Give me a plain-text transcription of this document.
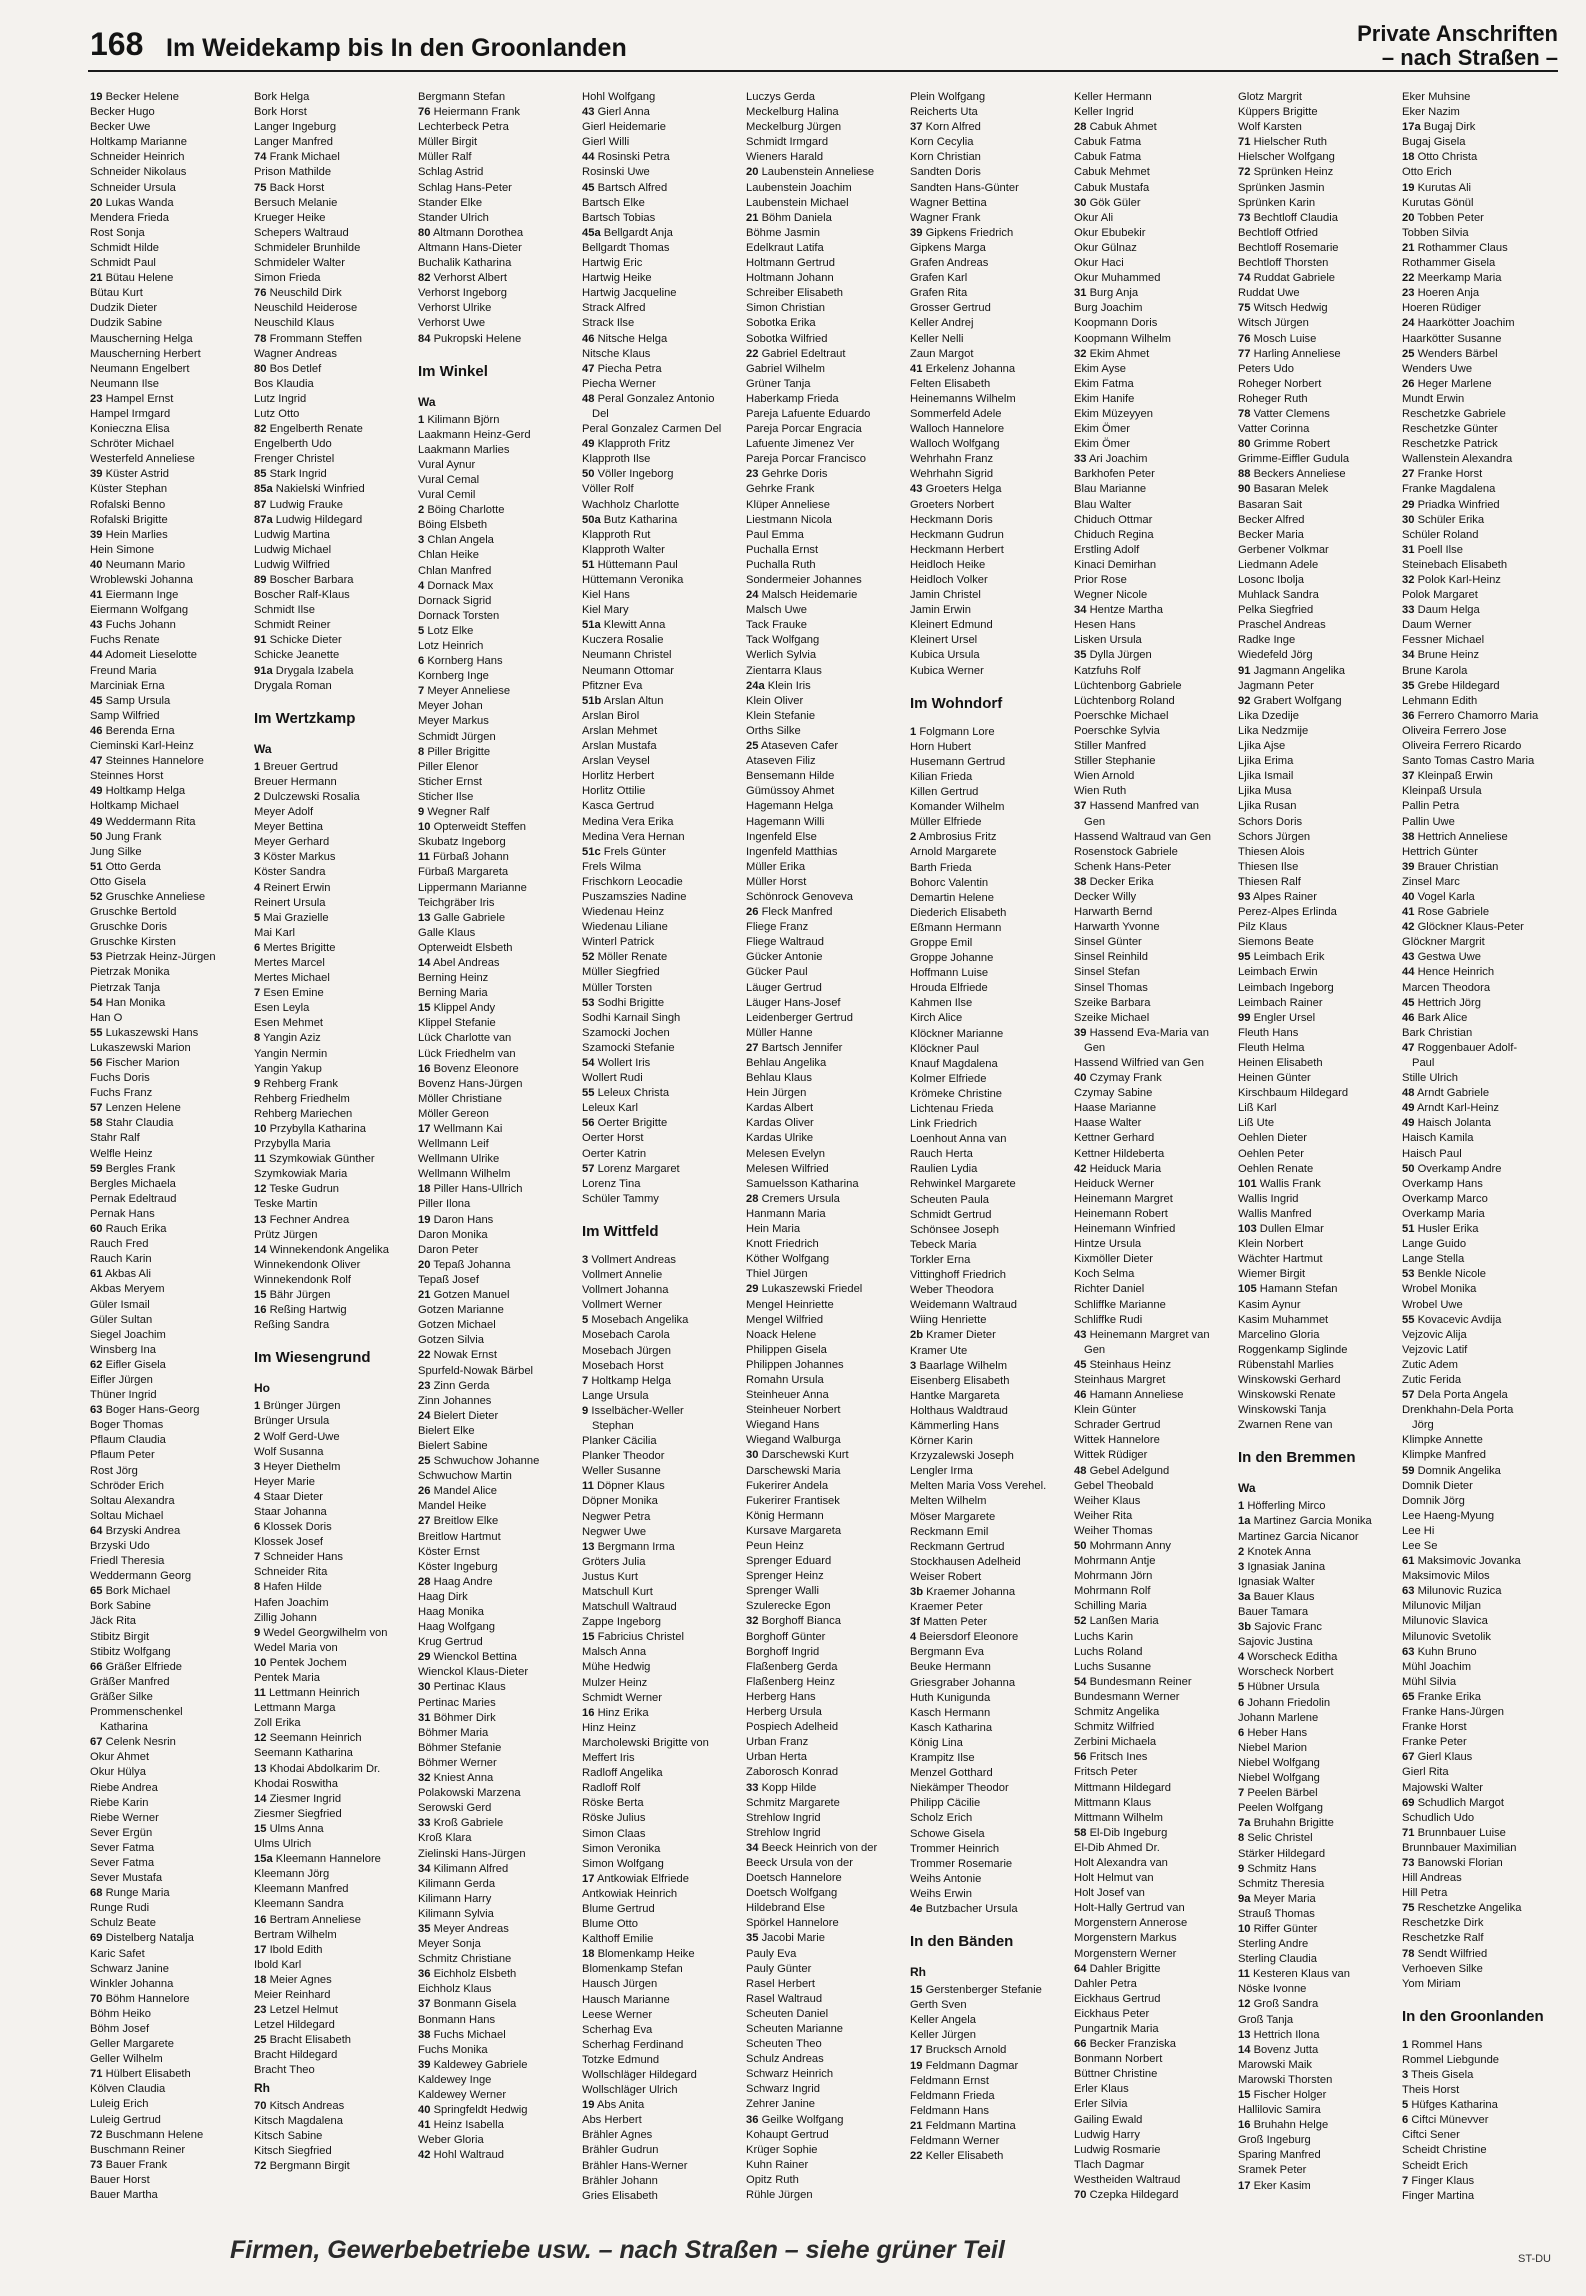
168 Im Weidekamp bis In den Groonlanden
Private Anschriften
– nach Straßen –
19 Becker Helene
Becker Hugo
Becker Uwe
Holtkamp Marianne
Schneider Heinrich
Schneider Nikolaus
Schneider Ursula
20 Lukas Wanda
Mendera Frieda
Rost Sonja
Schmidt Hilde
Schmidt Paul
21 Bütau Helene
Bütau Kurt
Dudzik Dieter
Dudzik Sabine
Mauscherning Helga
Mauscherning Herbert
Neumann Engelbert
Neumann Ilse
23 Hampel Ernst
Hampel Irmgard
Konieczna Elisa
Schröter Michael
Westerfeld Anneliese
39 Küster Astrid
Küster Stephan
Rofalski Benno
Rofalski Brigitte
39 Hein Marlies
Hein Simone
40 Neumann Mario
Wroblewski Johanna
41 Eiermann Inge
Eiermann Wolfgang
43 Fuchs Johann
Fuchs Renate
44 Adomeit Lieselotte
Freund Maria
Marciniak Erna
45 Samp Ursula
Samp Wilfried
46 Berenda Erna
Cieminski Karl-Heinz
47 Steinnes Hannelore
Steinnes Horst
49 Holtkamp Helga
Holtkamp Michael
49 Weddermann Rita
50 Jung Frank
Jung Silke
51 Otto Gerda
Otto Gisela
52 Gruschke Anneliese
Gruschke Bertold
Gruschke Doris
Gruschke Kirsten
53 Pietrzak Heinz-Jürgen
Pietrzak Monika
Pietrzak Tanja
54 Han Monika
Han O
55 Lukaszewski Hans
Lukaszewski Marion
56 Fischer Marion
Fuchs Doris
Fuchs Franz
57 Lenzen Helene
58 Stahr Claudia
Stahr Ralf
Welfle Heinz
59 Bergles Frank
Bergles Michaela
Pernak Edeltraud
Pernak Hans
60 Rauch Erika
Rauch Fred
Rauch Karin
61 Akbas Ali
Akbas Meryem
Güler Ismail
Güler Sultan
Siegel Joachim
Winsberg Ina
62 Eifler Gisela
Eifler Jürgen
Thüner Ingrid
63 Boger Hans-Georg
Boger Thomas
Pflaum Claudia
Pflaum Peter
Rost Jörg
Schröder Erich
Soltau Alexandra
Soltau Michael
64 Brzyski Andrea
Brzyski Udo
Friedl Theresia
Weddermann Georg
65 Bork Michael
Bork Sabine
Jäck Rita
Stibitz Birgit
Stibitz Wolfgang
66 Gräßer Elfriede
Gräßer Manfred
Gräßer Silke
Prommenschenkel
Katharina
67 Celenk Nesrin
Okur Ahmet
Okur Hülya
Riebe Andrea
Riebe Karin
Riebe Werner
Sever Ergün
Sever Fatma
Sever Fatma
Sever Mustafa
68 Runge Maria
Runge Rudi
Schulz Beate
69 Distelberg Natalja
Karic Safet
Schwarz Janine
Winkler Johanna
70 Böhm Hannelore
Böhm Heiko
Böhm Josef
Geller Margarete
Geller Wilhelm
71 Hülbert Elisabeth
Kölven Claudia
Luleig Erich
Luleig Gertrud
72 Buschmann Helene
Buschmann Reiner
73 Bauer Frank
Bauer Horst
Bauer Martha
Bork Helga
Bork Horst
Langer Ingeburg
Langer Manfred
74 Frank Michael
Prison Mathilde
75 Back Horst
Bersuch Melanie
Krueger Heike
Schepers Waltraud
Schmideler Brunhilde
Schmideler Walter
Simon Frieda
76 Neuschild Dirk
Neuschild Heiderose
Neuschild Klaus
78 Frommann Steffen
Wagner Andreas
80 Bos Detlef
Bos Klaudia
Lutz Ingrid
Lutz Otto
82 Engelberth Renate
Engelberth Udo
Frenger Christel
85 Stark Ingrid
85a Nakielski Winfried
87 Ludwig Frauke
87a Ludwig Hildegard
Ludwig Martina
Ludwig Michael
Ludwig Wilfried
89 Boscher Barbara
Boscher Ralf-Klaus
Schmidt Ilse
Schmidt Reiner
91 Schicke Dieter
Schicke Jeanette
91a Drygala Izabela
Drygala Roman
Im Wertzkamp
Wa
1 Breuer Gertrud
Breuer Hermann
2 Dulczewski Rosalia
Meyer Adolf
Meyer Bettina
Meyer Gerhard
3 Köster Markus
Köster Sandra
4 Reinert Erwin
Reinert Ursula
5 Mai Grazielle
Mai Karl
6 Mertes Brigitte
Mertes Marcel
Mertes Michael
7 Esen Emine
Esen Leyla
Esen Mehmet
8 Yangin Aziz
Yangin Nermin
Yangin Yakup
9 Rehberg Frank
Rehberg Friedhelm
Rehberg Mariechen
10 Przybylla Katharina
Przybylla Maria
11 Szymkowiak Günther
Szymkowiak Maria
12 Teske Gudrun
Teske Martin
13 Fechner Andrea
Prütz Jürgen
14 Winnekendonk Angelika
Winnekendonk Oliver
Winnekendonk Rolf
15 Bähr Jürgen
16 Reßing Hartwig
Reßing Sandra
Im Wiesengrund
Ho
1 Brünger Jürgen
Brünger Ursula
2 Wolf Gerd-Uwe
Wolf Susanna
3 Heyer Diethelm
Heyer Marie
4 Staar Dieter
Staar Johanna
6 Klossek Doris
Klossek Josef
7 Schneider Hans
Schneider Rita
8 Hafen Hilde
Hafen Joachim
Zillig Johann
9 Wedel Georgwilhelm von
Wedel Maria von
10 Pentek Jochem
Pentek Maria
11 Lettmann Heinrich
Lettmann Marga
Zoll Erika
12 Seemann Heinrich
Seemann Katharina
13 Khodai Abdolkarim Dr.
Khodai Roswitha
14 Ziesmer Ingrid
Ziesmer Siegfried
15 Ulms Anna
Ulms Ulrich
15a Kleemann Hannelore
Kleemann Jörg
Kleemann Manfred
Kleemann Sandra
16 Bertram Anneliese
Bertram Wilhelm
17 Ibold Edith
Ibold Karl
18 Meier Agnes
Meier Reinhard
23 Letzel Helmut
Letzel Hildegard
25 Bracht Elisabeth
Bracht Hildegard
Bracht Theo
Rh
70 Kitsch Andreas
Kitsch Magdalena
Kitsch Sabine
Kitsch Siegfried
72 Bergmann Birgit
Bergmann Stefan
76 Heiermann Frank
Lechterbeck Petra
Müller Birgit
Müller Ralf
Schlag Astrid
Schlag Hans-Peter
Stander Elke
Stander Ulrich
80 Altmann Dorothea
Altmann Hans-Dieter
Buchalik Katharina
82 Verhorst Albert
Verhorst Ingeborg
Verhorst Ulrike
Verhorst Uwe
84 Pukropski Helene
Im Winkel
Wa
1 Kilimann Björn
Laakmann Heinz-Gerd
Laakmann Marlies
Vural Aynur
Vural Cemal
Vural Cemil
2 Böing Charlotte
Böing Elsbeth
3 Chlan Angela
Chlan Heike
Chlan Manfred
4 Dornack Max
Dornack Sigrid
Dornack Torsten
5 Lotz Elke
Lotz Heinrich
6 Kornberg Hans
Kornberg Inge
7 Meyer Anneliese
Meyer Johan
Meyer Markus
Schmidt Jürgen
8 Piller Brigitte
Piller Elenor
Sticher Ernst
Sticher Ilse
9 Wegner Ralf
10 Opterweidt Steffen
Skubatz Ingeborg
11 Fürbaß Johann
Fürbaß Margareta
Lippermann Marianne
Teichgräber Iris
13 Galle Gabriele
Galle Klaus
Opterweidt Elsbeth
14 Abel Andreas
Berning Heinz
Berning Maria
15 Klippel Andy
Klippel Stefanie
Lück Charlotte van
Lück Friedhelm van
16 Bovenz Eleonore
Bovenz Hans-Jürgen
Möller Christiane
Möller Gereon
17 Wellmann Kai
Wellmann Leif
Wellmann Ulrike
Wellmann Wilhelm
18 Piller Hans-Ullrich
Piller Ilona
19 Daron Hans
Daron Monika
Daron Peter
20 Tepaß Johanna
Tepaß Josef
21 Gotzen Manuel
Gotzen Marianne
Gotzen Michael
Gotzen Silvia
22 Nowak Ernst
Spurfeld-Nowak Bärbel
23 Zinn Gerda
Zinn Johannes
24 Bielert Dieter
Bielert Elke
Bielert Sabine
25 Schwuchow Johanne
Schwuchow Martin
26 Mandel Alice
Mandel Heike
27 Breitlow Elke
Breitlow Hartmut
Köster Ernst
Köster Ingeburg
28 Haag Andre
Haag Dirk
Haag Monika
Haag Wolfgang
Krug Gertrud
29 Wienckol Bettina
Wienckol Klaus-Dieter
30 Pertinac Klaus
Pertinac Maries
31 Böhmer Dirk
Böhmer Maria
Böhmer Stefanie
Böhmer Werner
32 Kniest Anna
Polakowski Marzena
Serowski Gerd
33 Kroß Gabriele
Kroß Klara
Zielinski Hans-Jürgen
34 Kilimann Alfred
Kilimann Gerda
Kilimann Harry
Kilimann Sylvia
35 Meyer Andreas
Meyer Sonja
Schmitz Christiane
36 Eichholz Elsbeth
Eichholz Klaus
37 Bonmann Gisela
Bonmann Hans
38 Fuchs Michael
Fuchs Monika
39 Kaldewey Gabriele
Kaldewey Inge
Kaldewey Werner
40 Springfeldt Hedwig
41 Heinz Isabella
Weber Gloria
42 Hohl Waltraud
Hohl Wolfgang
43 Gierl Anna
Gierl Heidemarie
Gierl Willi
44 Rosinski Petra
Rosinski Uwe
45 Bartsch Alfred
Bartsch Elke
Bartsch Tobias
45a Bellgardt Anja
Bellgardt Thomas
Hartwig Eric
Hartwig Heike
Hartwig Jacqueline
Strack Alfred
Strack Ilse
46 Nitsche Helga
Nitsche Klaus
47 Piecha Petra
Piecha Werner
48 Peral Gonzalez Antonio
Del
Peral Gonzalez Carmen Del
49 Klapproth Fritz
Klapproth Ilse
50 Völler Ingeborg
Völler Rolf
Wachholz Charlotte
50a Butz Katharina
Klapproth Rut
Klapproth Walter
51 Hüttemann Paul
Hüttemann Veronika
Kiel Hans
Kiel Mary
51a Klewitt Anna
Kuczera Rosalie
Neumann Christel
Neumann Ottomar
Pfitzner Eva
51b Arslan Altun
Arslan Birol
Arslan Mehmet
Arslan Mustafa
Arslan Veysel
Horlitz Herbert
Horlitz Ottilie
Kasca Gertrud
Medina Vera Erika
Medina Vera Hernan
51c Frels Günter
Frels Wilma
Frischkorn Leocadie
Puszamszies Nadine
Wiedenau Heinz
Wiedenau Liliane
Winterl Patrick
52 Möller Renate
Müller Siegfried
Müller Torsten
53 Sodhi Brigitte
Sodhi Karnail Singh
Szamocki Jochen
Szamocki Stefanie
54 Wollert Iris
Wollert Rudi
55 Leleux Christa
Leleux Karl
56 Oerter Brigitte
Oerter Horst
Oerter Katrin
57 Lorenz Margaret
Lorenz Tina
Schüler Tammy
Im Wittfeld
3 Vollmert Andreas
Vollmert Annelie
Vollmert Johanna
Vollmert Werner
5 Mosebach Angelika
Mosebach Carola
Mosebach Jürgen
Mosebach Horst
7 Holtkamp Helga
Lange Ursula
9 Isselbächer-Weller
Stephan
Planker Cäcilia
Planker Theodor
Weller Susanne
11 Döpner Klaus
Döpner Monika
Negwer Petra
Negwer Uwe
13 Bergmann Irma
Gröters Julia
Justus Kurt
Matschull Kurt
Matschull Waltraud
Zappe Ingeborg
15 Fabricius Christel
Malsch Anna
Mühe Hedwig
Mulzer Heinz
Schmidt Werner
16 Hinz Erika
Hinz Heinz
Marcholewski Brigitte von
Meffert Iris
Radloff Angelika
Radloff Rolf
Röske Berta
Röske Julius
Simon Claas
Simon Veronika
Simon Wolfgang
17 Antkowiak Elfriede
Antkowiak Heinrich
Blume Gertrud
Blume Otto
Kalthoff Emilie
18 Blomenkamp Heike
Blomenkamp Stefan
Hausch Jürgen
Hausch Marianne
Leese Werner
Scherhag Eva
Scherhag Ferdinand
Totzke Edmund
Wollschläger Hildegard
Wollschläger Ulrich
19 Abs Anita
Abs Herbert
Brähler Agnes
Brähler Gudrun
Brähler Hans-Werner
Brähler Johann
Gries Elisabeth
Luczys Gerda
Meckelburg Halina
Meckelburg Jürgen
Schmidt Irmgard
Wieners Harald
20 Laubenstein Anneliese
Laubenstein Joachim
Laubenstein Michael
21 Böhm Daniela
Böhme Jasmin
Edelkraut Latifa
Holtmann Gertrud
Holtmann Johann
Schreiber Elisabeth
Simon Christian
Sobotka Erika
Sobotka Wilfried
22 Gabriel Edeltraut
Gabriel Wilhelm
Grüner Tanja
Haberkamp Frieda
Pareja Lafuente Eduardo
Pareja Porcar Engracia
Lafuente Jimenez Ver
Pareja Porcar Francisco
23 Gehrke Doris
Gehrke Frank
Klüper Anneliese
Liestmann Nicola
Paul Emma
Puchalla Ernst
Puchalla Ruth
Sondermeier Johannes
24 Malsch Heidemarie
Malsch Uwe
Tack Frauke
Tack Wolfgang
Werlich Sylvia
Zientarra Klaus
24a Klein Iris
Klein Oliver
Klein Stefanie
Orths Silke
25 Ataseven Cafer
Ataseven Filiz
Bensemann Hilde
Gümüssoy Ahmet
Hagemann Helga
Hagemann Willi
Ingenfeld Else
Ingenfeld Matthias
Müller Erika
Müller Horst
Schönrock Genoveva
26 Fleck Manfred
Fliege Franz
Fliege Waltraud
Gücker Antonie
Gücker Paul
Läuger Gertrud
Läuger Hans-Josef
Leidenberger Gertrud
Müller Hanne
27 Bartsch Jennifer
Behlau Angelika
Behlau Klaus
Hein Jürgen
Kardas Albert
Kardas Oliver
Kardas Ulrike
Melesen Evelyn
Melesen Wilfried
Samuelsson Katharina
28 Cremers Ursula
Hanmann Maria
Hein Maria
Knott Friedrich
Köther Wolfgang
Thiel Jürgen
29 Lukaszewski Friedel
Mengel Heinriette
Mengel Wilfried
Noack Helene
Philippen Gisela
Philippen Johannes
Romahn Ursula
Steinheuer Anna
Steinheuer Norbert
Wiegand Hans
Wiegand Walburga
30 Darschewski Kurt
Darschewski Maria
Fukerirer Andela
Fukerirer Frantisek
König Hermann
Kursave Margareta
Peun Heinz
Sprenger Eduard
Sprenger Heinz
Sprenger Walli
Szulerecke Egon
32 Borghoff Bianca
Borghoff Günter
Borghoff Ingrid
Flaßenberg Gerda
Flaßenberg Heinz
Herberg Hans
Herberg Ursula
Pospiech Adelheid
Urban Franz
Urban Herta
Zaborosch Konrad
33 Kopp Hilde
Schmitz Margarete
Strehlow Ingrid
Strehlow Ingrid
34 Beeck Heinrich von der
Beeck Ursula von der
Doetsch Hannelore
Doetsch Wolfgang
Hildebrand Else
Spörkel Hannelore
35 Jacobi Marie
Pauly Eva
Pauly Günter
Rasel Herbert
Rasel Waltraud
Scheuten Daniel
Scheuten Marianne
Scheuten Theo
Schulz Andreas
Schwarz Heinrich
Schwarz Ingrid
Zehrer Janine
36 Geilke Wolfgang
Kohaupt Gertrud
Krüger Sophie
Kuhn Rainer
Opitz Ruth
Rühle Jürgen
Plein Wolfgang
Reicherts Uta
37 Korn Alfred
Korn Cecylia
Korn Christian
Sandten Doris
Sandten Hans-Günter
Wagner Bettina
Wagner Frank
39 Gipkens Friedrich
Gipkens Marga
Grafen Andreas
Grafen Karl
Grafen Rita
Grosser Gertrud
Keller Andrej
Keller Nelli
Zaun Margot
41 Erkelenz Johanna
Felten Elisabeth
Heinemanns Wilhelm
Sommerfeld Adele
Walloch Hannelore
Walloch Wolfgang
Wehrhahn Franz
Wehrhahn Sigrid
43 Groeters Helga
Groeters Norbert
Heckmann Doris
Heckmann Gudrun
Heckmann Herbert
Heidloch Heike
Heidloch Volker
Jamin Christel
Jamin Erwin
Kleinert Edmund
Kleinert Ursel
Kubica Ursula
Kubica Werner
Im Wohndorf
1 Folgmann Lore
Horn Hubert
Husemann Gertrud
Kilian Frieda
Killen Gertrud
Komander Wilhelm
Müller Elfriede
2 Ambrosius Fritz
Arnold Margarete
Barth Frieda
Bohorc Valentin
Demartin Helene
Diederich Elisabeth
Eßmann Hermann
Groppe Emil
Groppe Johanne
Hoffmann Luise
Hrouda Elfriede
Kahmen Ilse
Kirch Alice
Klöckner Marianne
Klöckner Paul
Knauf Magdalena
Kolmer Elfriede
Krömeke Christine
Lichtenau Frieda
Link Friedrich
Loenhout Anna van
Rauch Herta
Raulien Lydia
Rehwinkel Margarete
Scheuten Paula
Schmidt Gertrud
Schönsee Joseph
Tebeck Maria
Torkler Erna
Vittinghoff Friedrich
Weber Theodora
Weidemann Waltraud
Wiing Henriette
2b Kramer Dieter
Kramer Ute
3 Baarlage Wilhelm
Eisenberg Elisabeth
Hantke Margareta
Holthaus Waldtraud
Kämmerling Hans
Körner Karin
Krzyzalewski Joseph
Lengler Irma
Melten Maria Voss Verehel.
Melten Wilhelm
Möser Margarete
Reckmann Emil
Reckmann Gertrud
Stockhausen Adelheid
Weiser Robert
3b Kraemer Johanna
Kraemer Peter
3f Matten Peter
4 Beiersdorf Eleonore
Bergmann Eva
Beuke Hermann
Griesgraber Johanna
Huth Kunigunda
Kasch Hermann
Kasch Katharina
König Lina
Krampitz Ilse
Menzel Gotthard
Niekämper Theodor
Philipp Cäcilie
Scholz Erich
Schowe Gisela
Trommer Heinrich
Trommer Rosemarie
Weihs Antonie
Weihs Erwin
4e Butzbacher Ursula
In den Bänden
Rh
15 Gerstenberger Stefanie
Gerth Sven
Keller Angela
Keller Jürgen
17 Brucksch Arnold
19 Feldmann Dagmar
Feldmann Ernst
Feldmann Frieda
Feldmann Hans
21 Feldmann Martina
Feldmann Werner
22 Keller Elisabeth
Keller Hermann
Keller Ingrid
28 Cabuk Ahmet
Cabuk Fatma
Cabuk Fatma
Cabuk Mehmet
Cabuk Mustafa
30 Gök Güler
Okur Ali
Okur Ebubekir
Okur Gülnaz
Okur Haci
Okur Muhammed
31 Burg Anja
Burg Joachim
Koopmann Doris
Koopmann Wilhelm
32 Ekim Ahmet
Ekim Ayse
Ekim Fatma
Ekim Hanife
Ekim Müzeyyen
Ekim Ömer
Ekim Ömer
33 Ari Joachim
Barkhofen Peter
Blau Marianne
Blau Walter
Chiduch Ottmar
Chiduch Regina
Erstling Adolf
Kinaci Demirhan
Prior Rose
Wegner Nicole
34 Hentze Martha
Hesen Hans
Lisken Ursula
35 Dylla Jürgen
Katzfuhs Rolf
Lüchtenborg Gabriele
Lüchtenborg Roland
Poerschke Michael
Poerschke Sylvia
Stiller Manfred
Stiller Stephanie
Wien Arnold
Wien Ruth
37 Hassend Manfred van
Gen
Hassend Waltraud van Gen
Rosenstock Gabriele
Schenk Hans-Peter
38 Decker Erika
Decker Willy
Harwarth Bernd
Harwarth Yvonne
Sinsel Günter
Sinsel Reinhild
Sinsel Stefan
Sinsel Thomas
Szeike Barbara
Szeike Michael
39 Hassend Eva-Maria van
Gen
Hassend Wilfried van Gen
40 Czymay Frank
Czymay Sabine
Haase Marianne
Haase Walter
Kettner Gerhard
Kettner Hildeberta
42 Heiduck Maria
Heiduck Werner
Heinemann Margret
Heinemann Robert
Heinemann Winfried
Hintze Ursula
Kixmöller Dieter
Koch Selma
Richter Daniel
Schliffke Marianne
Schliffke Rudi
43 Heinemann Margret van
Gen
45 Steinhaus Heinz
Steinhaus Margret
46 Hamann Anneliese
Klein Günter
Schrader Gertrud
Wittek Hannelore
Wittek Rüdiger
48 Gebel Adelgund
Gebel Theobald
Weiher Klaus
Weiher Rita
Weiher Thomas
50 Mohrmann Anny
Mohrmann Antje
Mohrmann Jörn
Mohrmann Rolf
Schilling Maria
52 Lanßen Maria
Luchs Karin
Luchs Roland
Luchs Susanne
54 Bundesmann Reiner
Bundesmann Werner
Schmitz Angelika
Schmitz Wilfried
Zerbini Michaela
56 Fritsch Ines
Fritsch Peter
Mittmann Hildegard
Mittmann Klaus
Mittmann Wilhelm
58 El-Dib Ingeburg
El-Dib Ahmed Dr.
Holt Alexandra van
Holt Helmut van
Holt Josef van
Holt-Hally Gertrud van
Morgenstern Annerose
Morgenstern Markus
Morgenstern Werner
64 Dahler Brigitte
Dahler Petra
Eickhaus Gertrud
Eickhaus Peter
Pungartnik Maria
66 Becker Franziska
Bonmann Norbert
Büttner Christine
Erler Klaus
Erler Silvia
Gailing Ewald
Ludwig Harry
Ludwig Rosmarie
Tlach Dagmar
Westheiden Waltraud
70 Czepka Hildegard
Glotz Margrit
Küppers Brigitte
Wolf Karsten
71 Hielscher Ruth
Hielscher Wolfgang
72 Sprünken Heinz
Sprünken Jasmin
Sprünken Karin
73 Bechtloff Claudia
Bechtloff Otfried
Bechtloff Rosemarie
Bechtloff Thorsten
74 Ruddat Gabriele
Ruddat Uwe
75 Witsch Hedwig
Witsch Jürgen
76 Mosch Luise
77 Harling Anneliese
Peters Udo
Roheger Norbert
Roheger Ruth
78 Vatter Clemens
Vatter Corinna
80 Grimme Robert
Grimme-Eiffler Gudula
88 Beckers Anneliese
90 Basaran Melek
Basaran Sait
Becker Alfred
Becker Maria
Gerbener Volkmar
Liedmann Adele
Losonc Ibolja
Muhlack Sandra
Pelka Siegfried
Praschel Andreas
Radke Inge
Wiedefeld Jörg
91 Jagmann Angelika
Jagmann Peter
92 Grabert Wolfgang
Lika Dzedije
Lika Nedzmije
Ljika Ajse
Ljika Erima
Ljika Ismail
Ljika Musa
Ljika Rusan
Schors Doris
Schors Jürgen
Thiesen Alois
Thiesen Ilse
Thiesen Ralf
93 Alpes Rainer
Perez-Alpes Erlinda
Pilz Klaus
Siemons Beate
95 Leimbach Erik
Leimbach Erwin
Leimbach Ingeborg
Leimbach Rainer
99 Engler Ursel
Fleuth Hans
Fleuth Helma
Heinen Elisabeth
Heinen Günter
Kirschbaum Hildegard
Liß Karl
Liß Ute
Oehlen Dieter
Oehlen Peter
Oehlen Renate
101 Wallis Frank
Wallis Ingrid
Wallis Manfred
103 Dullen Elmar
Klein Norbert
Wächter Hartmut
Wiemer Birgit
105 Hamann Stefan
Kasim Aynur
Kasim Muhammet
Marcelino Gloria
Roggenkamp Siglinde
Rübenstahl Marlies
Winskowski Gerhard
Winskowski Renate
Winskowski Tanja
Zwarnen Rene van
In den Bremmen
Wa
1 Höfferling Mirco
1a Martinez Garcia Monika
Martinez Garcia Nicanor
2 Knotek Anna
3 Ignasiak Janina
Ignasiak Walter
3a Bauer Klaus
Bauer Tamara
3b Sajovic Franc
Sajovic Justina
4 Worscheck Editha
Worscheck Norbert
5 Hübner Ursula
6 Johann Friedolin
Johann Marlene
6 Heber Hans
Niebel Marion
Niebel Wolfgang
Niebel Wolfgang
7 Peelen Bärbel
Peelen Wolfgang
7a Bruhahn Brigitte
8 Selic Christel
Stärker Hildegard
9 Schmitz Hans
Schmitz Theresia
9a Meyer Maria
Strauß Thomas
10 Riffer Günter
Sterling Andre
Sterling Claudia
11 Kesteren Klaus van
Nöske Ivonne
12 Groß Sandra
Groß Tanja
13 Hettrich Ilona
14 Bovenz Jutta
Marowski Maik
Marowski Thorsten
15 Fischer Holger
Hallilovic Samira
16 Bruhahn Helge
Groß Ingeburg
Sparing Manfred
Sramek Peter
17 Eker Kasim
Eker Muhsine
Eker Nazim
17a Bugaj Dirk
Bugaj Gisela
18 Otto Christa
Otto Erich
19 Kurutas Ali
Kurutas Gönül
20 Tobben Peter
Tobben Silvia
21 Rothammer Claus
Rothammer Gisela
22 Meerkamp Maria
23 Hoeren Anja
Hoeren Rüdiger
24 Haarkötter Joachim
Haarkötter Susanne
25 Wenders Bärbel
Wenders Uwe
26 Heger Marlene
Mundt Erwin
Reschetzke Gabriele
Reschetzke Günter
Reschetzke Patrick
Wallenstein Alexandra
27 Franke Horst
Franke Magdalena
29 Priadka Winfried
30 Schüler Erika
Schüler Roland
31 Poell Ilse
Steinebach Elisabeth
32 Polok Karl-Heinz
Polok Margaret
33 Daum Helga
Daum Werner
Fessner Michael
34 Brune Heinz
Brune Karola
35 Grebe Hildegard
Lehmann Edith
36 Ferrero Chamorro Maria
Oliveira Ferrero Jose
Oliveira Ferrero Ricardo
Santo Tomas Castro Maria
37 Kleinpaß Erwin
Kleinpaß Ursula
Pallin Petra
Pallin Uwe
38 Hettrich Anneliese
Hettrich Günter
39 Brauer Christian
Zinsel Marc
40 Vogel Karla
41 Rose Gabriele
42 Glöckner Klaus-Peter
Glöckner Margrit
43 Gestwa Uwe
44 Hence Heinrich
Marcen Theodora
45 Hettrich Jörg
46 Bark Alice
Bark Christian
47 Roggenbauer Adolf-
Paul
Stille Ulrich
48 Arndt Gabriele
49 Arndt Karl-Heinz
49 Haisch Jolanta
Haisch Kamila
Haisch Paul
50 Overkamp Andre
Overkamp Hans
Overkamp Marco
Overkamp Maria
51 Husler Erika
Lange Guido
Lange Stella
53 Benkle Nicole
Wrobel Monika
Wrobel Uwe
55 Kovacevic Avdija
Vejzovic Alija
Vejzovic Latif
Zutic Adem
Zutic Ferida
57 Dela Porta Angela
Drenkhahn-Dela Porta
Jörg
Klimpke Annette
Klimpke Manfred
59 Domnik Angelika
Domnik Dieter
Domnik Jörg
Lee Haeng-Myung
Lee Hi
Lee Se
61 Maksimovic Jovanka
Maksimovic Milos
63 Milunovic Ruzica
Milunovic Miljan
Milunovic Slavica
Milunovic Svetolik
63 Kuhn Bruno
Mühl Joachim
Mühl Silvia
65 Franke Erika
Franke Hans-Jürgen
Franke Horst
Franke Peter
67 Gierl Klaus
Gierl Rita
Majowski Walter
69 Schudlich Margot
Schudlich Udo
71 Brunnbauer Luise
Brunnbauer Maximilian
73 Banowski Florian
Hill Andreas
Hill Petra
75 Reschetzke Angelika
Reschetzke Dirk
Reschetzke Ralf
78 Sendt Wilfried
Verhoeven Silke
Yom Miriam
In den Groonlanden
1 Rommel Hans
Rommel Liebgunde
3 Theis Gisela
Theis Horst
5 Hüfges Katharina
6 Ciftci Münevver
Ciftci Sener
Scheidt Christine
Scheidt Erich
7 Finger Klaus
Finger Martina
Firmen, Gewerbebetriebe usw. – nach Straßen – siehe grüner Teil	ST-DU
